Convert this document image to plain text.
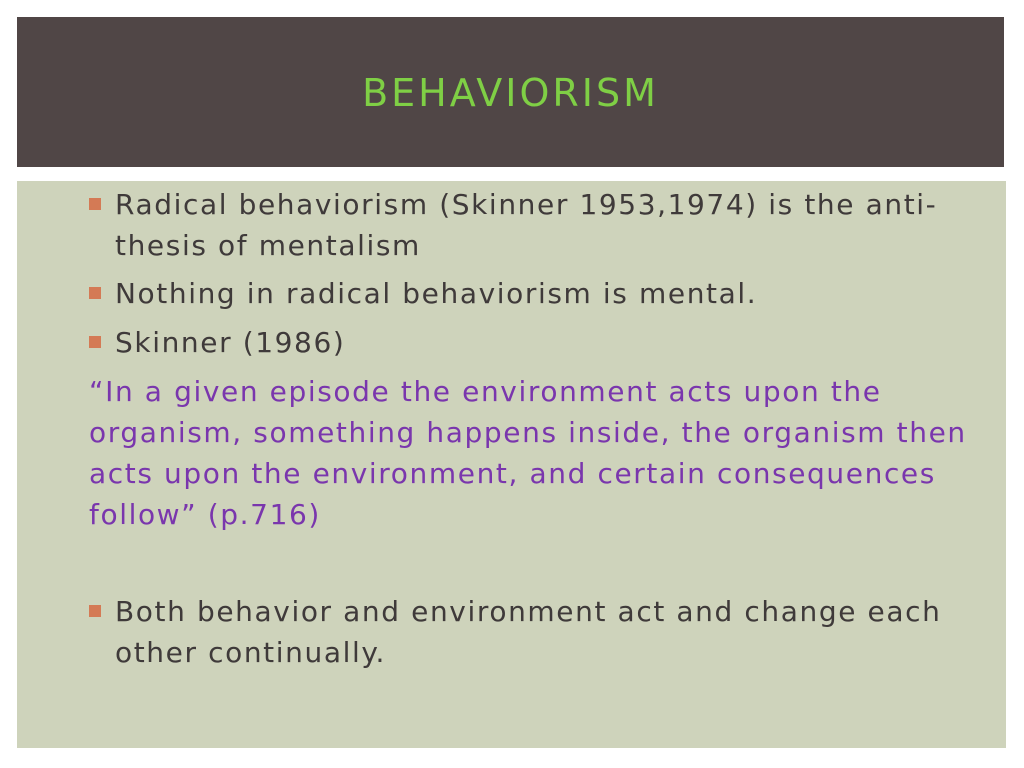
BEHAVIORISM
Radical behaviorism (Skinner 1953,1974) is the anti-thesis of mentalism
Nothing in radical behaviorism is mental.
Skinner (1986)
“In a given episode the environment acts upon the organism, something happens inside, the organism then acts upon the environment, and certain consequences follow” (p.716)
Both behavior and environment act and change each other continually.
